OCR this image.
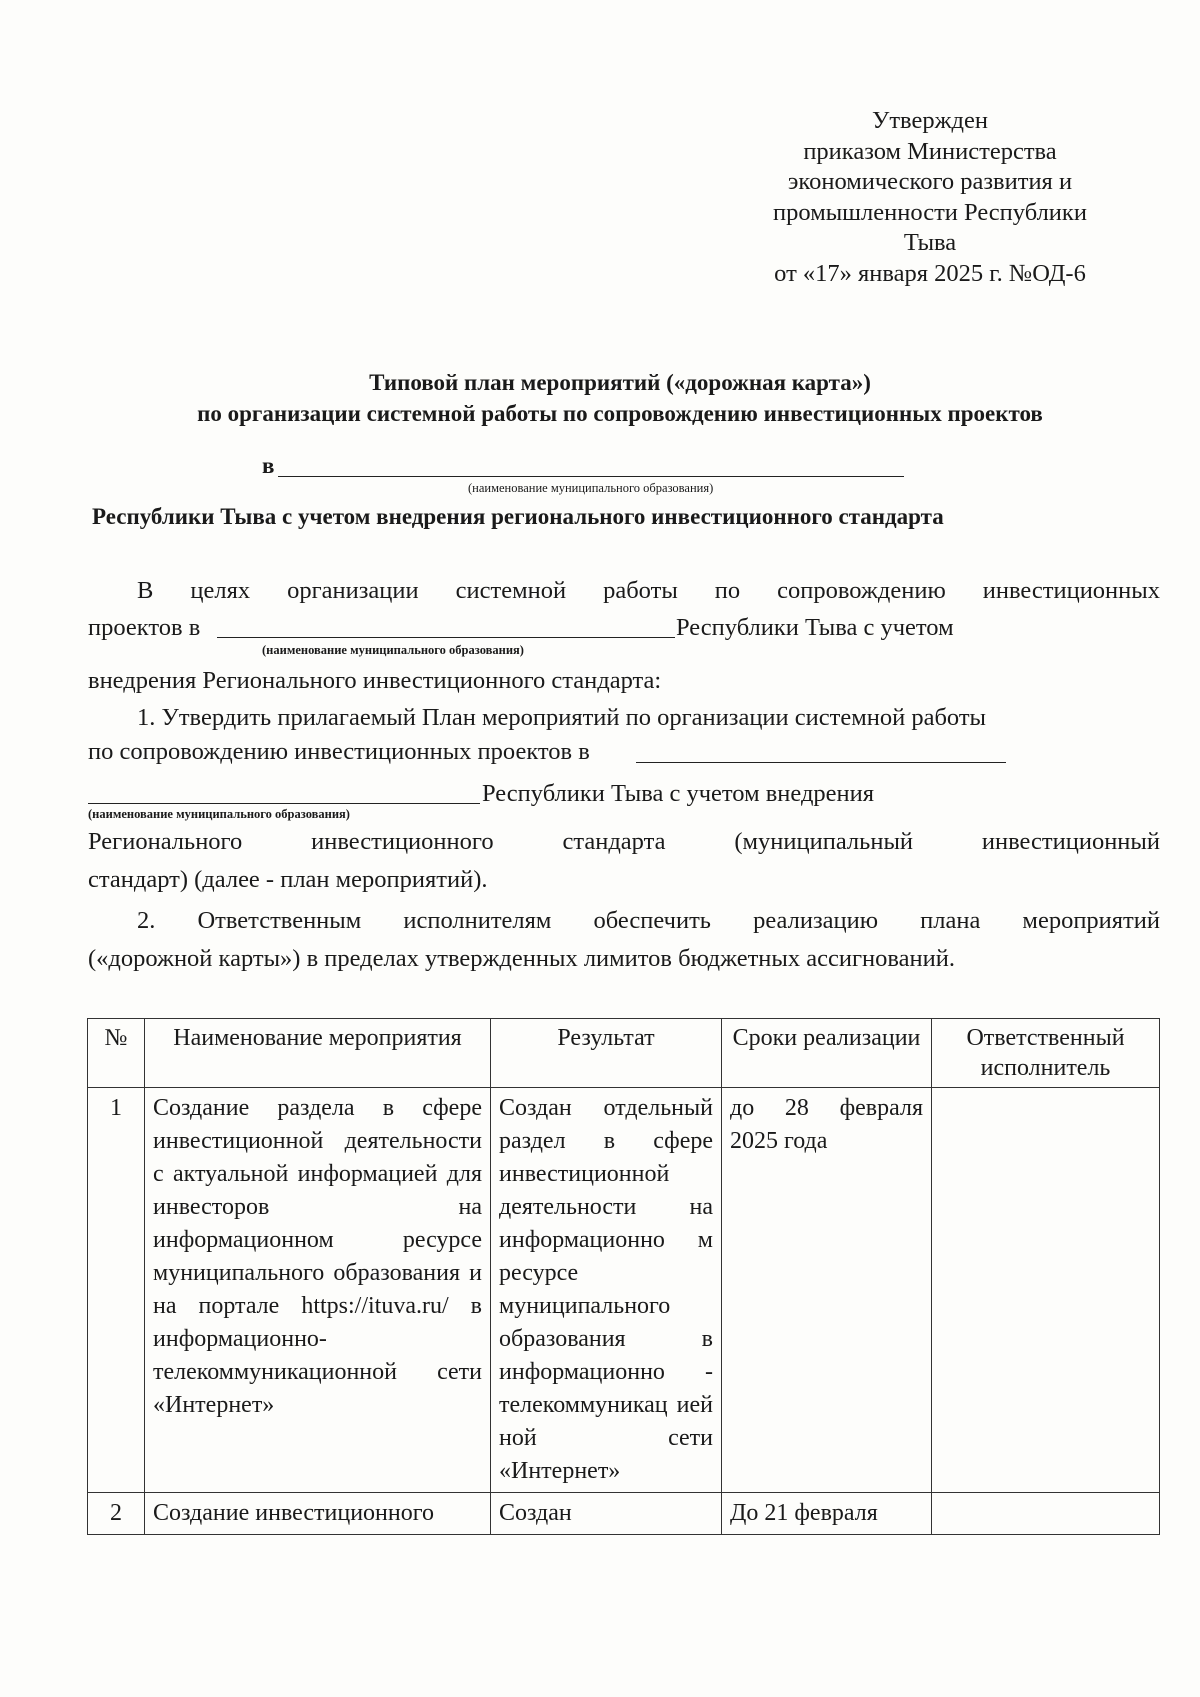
Утвержден
приказом Министерства
экономического развития и
промышленности Республики
Тыва
от «17» января 2025 г. №ОД-6
Типовой план мероприятий («дорожная карта»)
по организации системной работы по сопровождению инвестиционных проектов
в
(наименование муниципального образования)
Республики Тыва с учетом внедрения регионального инвестиционного стандарта
В целях организации системной работы по сопровождению инвестиционных
проектов в	Республики Тыва с учетом
(наименование муниципального образования)
внедрения Регионального инвестиционного стандарта:
1. Утвердить прилагаемый План мероприятий по организации системной работы
по сопровождению инвестиционных проектов в
Республики Тыва с учетом внедрения
(наименование муниципального образования)
Регионального инвестиционного стандарта (муниципальный инвестиционный
стандарт) (далее - план мероприятий).
2. Ответственным исполнителям обеспечить реализацию плана мероприятий
(«дорожной карты») в пределах утвержденных лимитов бюджетных ассигнований.
№	Наименование мероприятия	Результат	Сроки реализации	Ответственный исполнитель
1	Создание раздела в сфере инвестиционной деятельности с актуальной информацией для инвесторов на информационном ресурсе муниципального образования и на портале https://ituva.ru/ в информационно-телекоммуникационной сети «Интернет»	Создан отдельный раздел в сфере инвестиционной деятельности на информационно м ресурсе муниципального образования в информационно - телекоммуникац ией ной сети «Интернет»	до 28 февраля 2025 года	
2	Создание инвестиционного	Создан	До 21 февраля	
